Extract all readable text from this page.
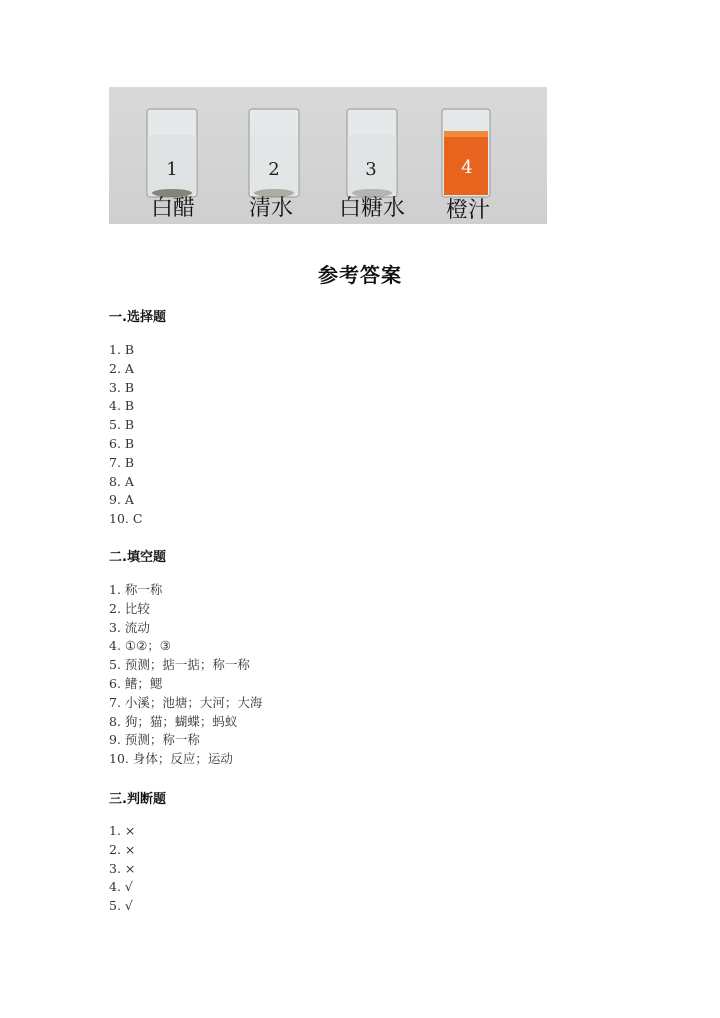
1
白醋
2
清水
3
白糖水
4
橙汁
参考答案
一.选择题
1. B
2. A
3. B
4. B
5. B
6. B
7. B
8. A
9. A
10. C
二.填空题
1. 称一称
2. 比较
3. 流动
4. ①②；③
5. 预测；掂一掂；称一称
6. 鳍；鳃
7. 小溪；池塘；大河；大海
8. 狗；猫；蝴蝶；蚂蚁
9. 预测；称一称
10. 身体；反应；运动
三.判断题
1. ×
2. ×
3. ×
4. √
5. √
